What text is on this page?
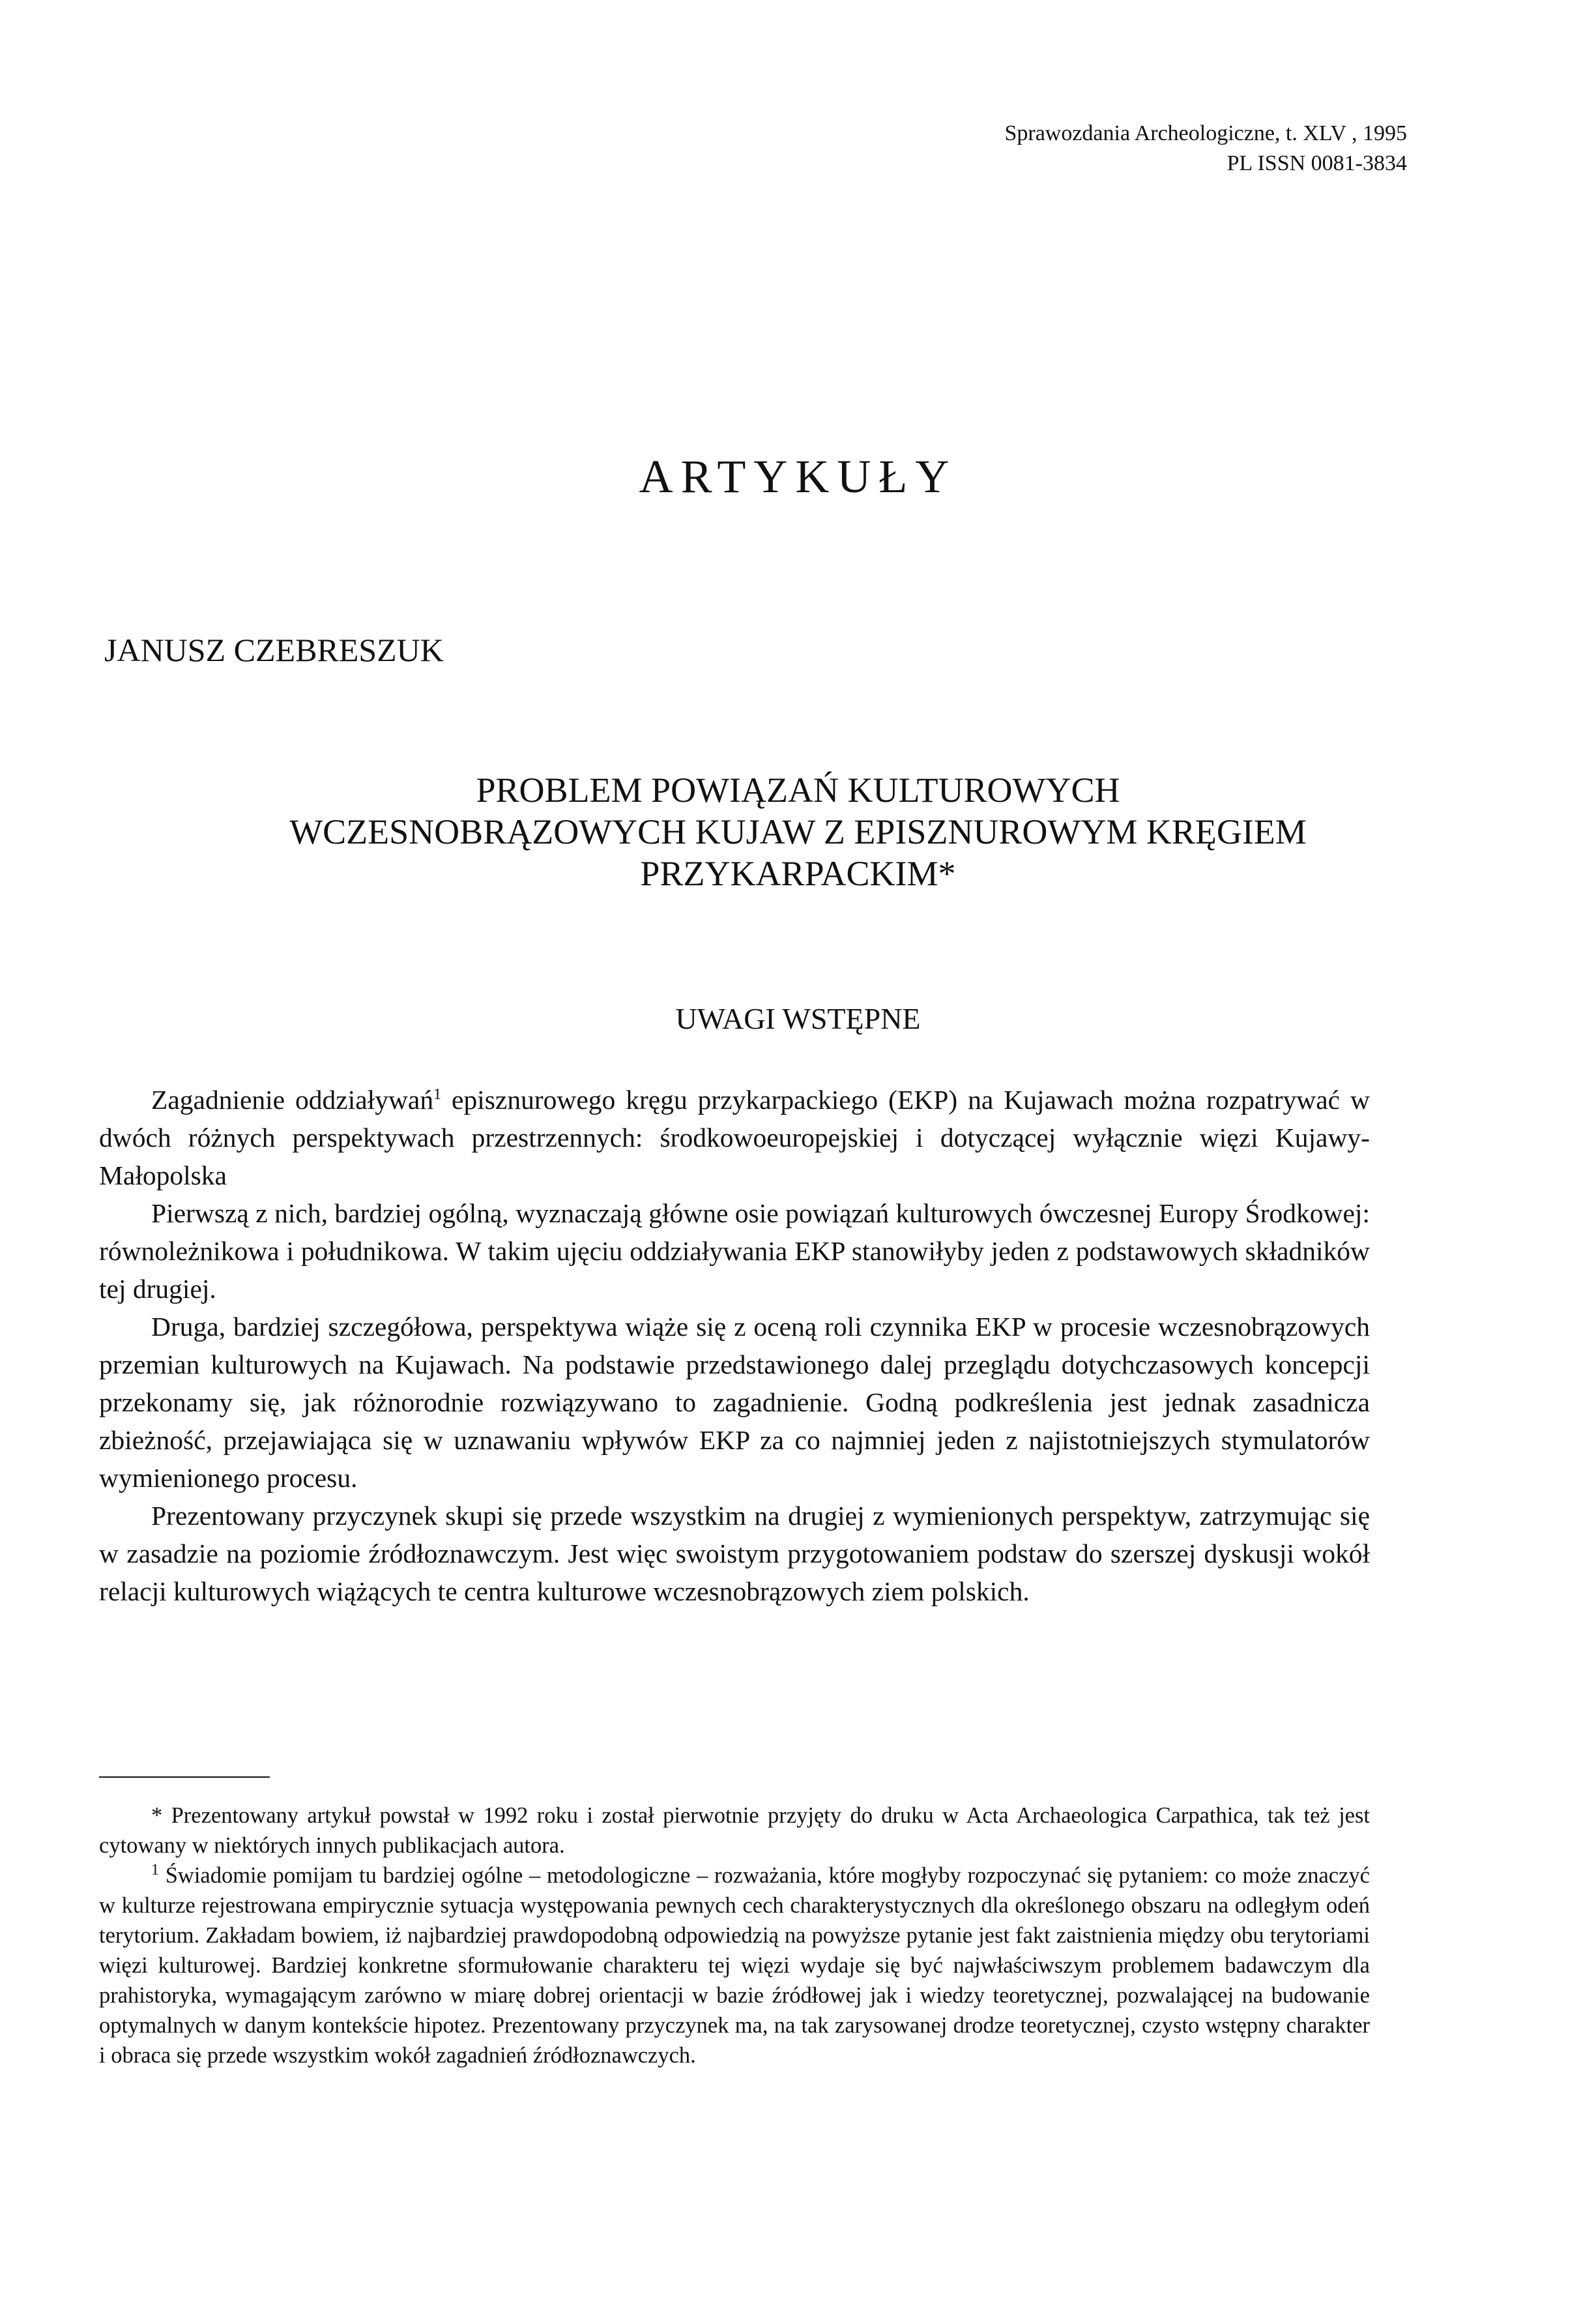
Sprawozdania Archeologiczne, t. XLV , 1995
PL ISSN 0081-3834
ARTYKUŁY
JANUSZ CZEBRESZUK
PROBLEM POWIĄZAŃ KULTUROWYCH
WCZESNOBRĄZOWYCH KUJAW Z EPISZNUROWYM KRĘGIEM
PRZYKARPACKIM*
UWAGI WSTĘPNE

Zagadnienie oddziaływań$^1$ episznurowego kręgu przykarpackiego (EKP) na Kujawach można rozpatrywać w dwóch różnych perspektywach przestrzennych: środkowoeuropejskiej i dotyczącej wyłącznie więzi Kujawy-Małopolska

Pierwszą z nich, bardziej ogólną, wyznaczają główne osie powiązań kulturowych ówczesnej Europy Środkowej: równoleżnikowa i południkowa. W takim ujęciu oddziaływania EKP stanowiłyby jeden z podstawowych składników tej drugiej.

Druga, bardziej szczegółowa, perspektywa wiąże się z oceną roli czynnika EKP w procesie wczesnobrązowych przemian kulturowych na Kujawach. Na podstawie przedstawionego dalej przeglądu dotychczasowych koncepcji przekonamy się, jak różnorodnie rozwiązywano to zagadnienie. Godną podkreślenia jest jednak zasadnicza zbieżność, przejawiająca się w uznawaniu wpływów EKP za co najmniej jeden z najistotniejszych stymulatorów wymienionego procesu.

Prezentowany przyczynek skupi się przede wszystkim na drugiej z wymienionych perspektyw, zatrzymując się w zasadzie na poziomie źródłoznawczym. Jest więc swoistym przygotowaniem podstaw do szerszej dyskusji wokół relacji kulturowych wiążących te centra kulturowe wczesnobrązowych ziem polskich.

* Prezentowany artykuł powstał w 1992 roku i został pierwotnie przyjęty do druku w Acta Archaeologica Carpathica, tak też jest cytowany w niektórych innych publikacjach autora.

$^1$ Świadomie pomijam tu bardziej ogólne – metodologiczne – rozważania, które mogłyby rozpoczynać się pytaniem: co może znaczyć w kulturze rejestrowana empirycznie sytuacja występowania pewnych cech charakterystycznych dla określonego obszaru na odległym odeń terytorium. Zakładam bowiem, iż najbardziej prawdopodobną odpowiedzią na powyższe pytanie jest fakt zaistnienia między obu terytoriami więzi kulturowej. Bardziej konkretne sformułowanie charakteru tej więzi wydaje się być najwłaściwszym problemem badawczym dla prahistoryka, wymagającym zarówno w miarę dobrej orientacji w bazie źródłowej jak i wiedzy teoretycznej, pozwalającej na budowanie optymalnych w danym kontekście hipotez. Prezentowany przyczynek ma, na tak zarysowanej drodze teoretycznej, czysto wstępny charakter i obraca się przede wszystkim wokół zagadnień źródłoznawczych.
